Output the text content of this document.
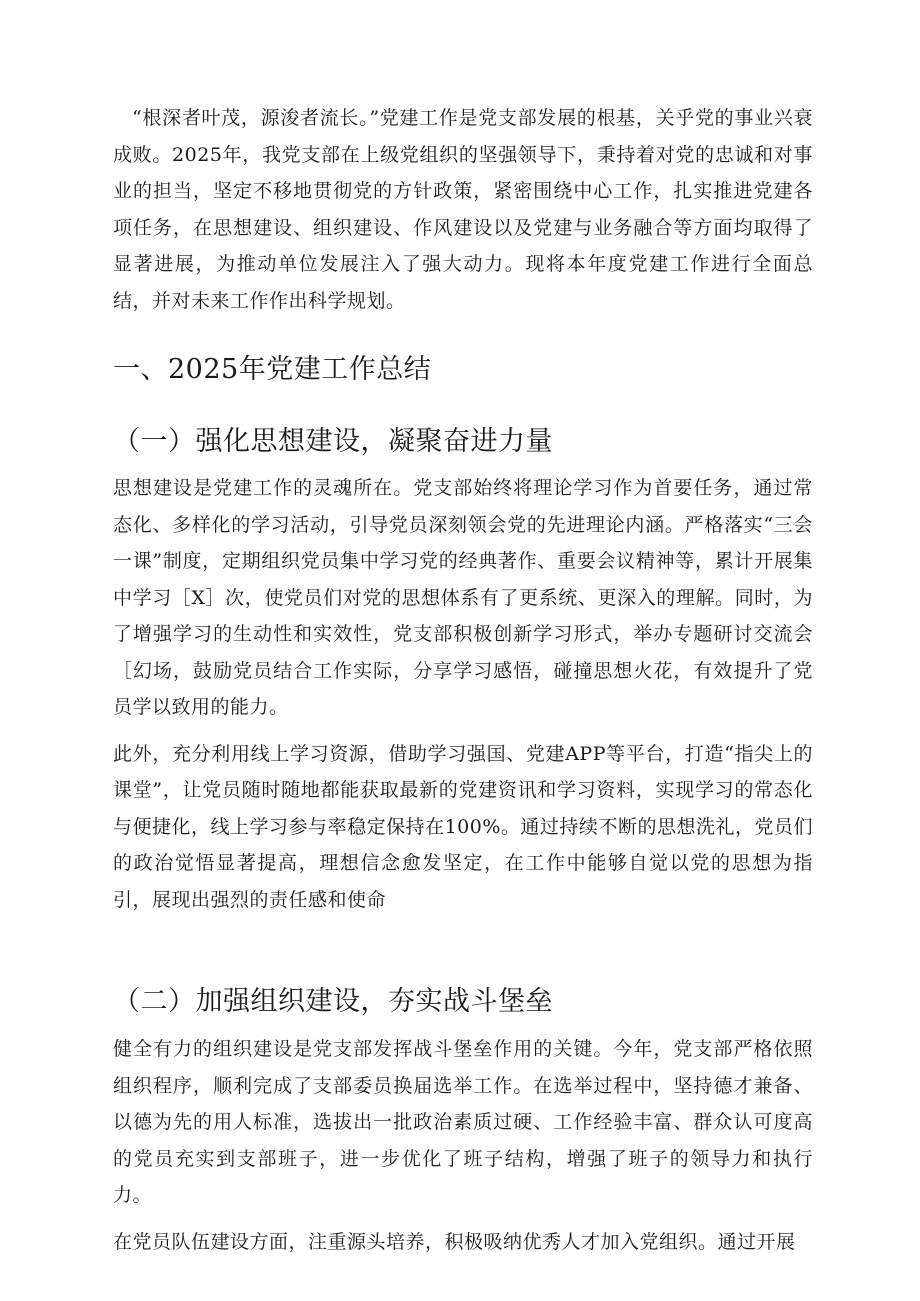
“根深者叶茂，源浚者流长。”党建工作是党支部发展的根基，关乎党的事业兴衰成败。2025年，我党支部在上级党组织的坚强领导下，秉持着对党的忠诚和对事业的担当，坚定不移地贯彻党的方针政策，紧密围绕中心工作，扎实推进党建各项任务，在思想建设、组织建设、作风建设以及党建与业务融合等方面均取得了显著进展，为推动单位发展注入了强大动力。现将本年度党建工作进行全面总结，并对未来工作作出科学规划。

一、2025年党建工作总结
（一）强化思想建设，凝聚奋进力量

思想建设是党建工作的灵魂所在。党支部始终将理论学习作为首要任务，通过常态化、多样化的学习活动，引导党员深刻领会党的先进理论内涵。严格落实“三会一课”制度，定期组织党员集中学习党的经典著作、重要会议精神等，累计开展集中学习［X］次，使党员们对党的思想体系有了更系统、更深入的理解。同时，为了增强学习的生动性和实效性，党支部积极创新学习形式，举办专题研讨交流会［幻场，鼓励党员结合工作实际，分享学习感悟，碰撞思想火花，有效提升了党员学以致用的能力。

此外，充分利用线上学习资源，借助学习强国、党建APP等平台，打造“指尖上的课堂”，让党员随时随地都能获取最新的党建资讯和学习资料，实现学习的常态化与便捷化，线上学习参与率稳定保持在100%。通过持续不断的思想洗礼，党员们的政治觉悟显著提高，理想信念愈发坚定，在工作中能够自觉以党的思想为指引，展现出强烈的责任感和使命

（二）加强组织建设，夯实战斗堡垒

健全有力的组织建设是党支部发挥战斗堡垒作用的关键。今年，党支部严格依照组织程序，顺利完成了支部委员换届选举工作。在选举过程中，坚持德才兼备、以德为先的用人标准，选拔出一批政治素质过硬、工作经验丰富、群众认可度高的党员充实到支部班子，进一步优化了班子结构，增强了班子的领导力和执行力。

在党员队伍建设方面，注重源头培养，积极吸纳优秀人才加入党组织。通过开展
